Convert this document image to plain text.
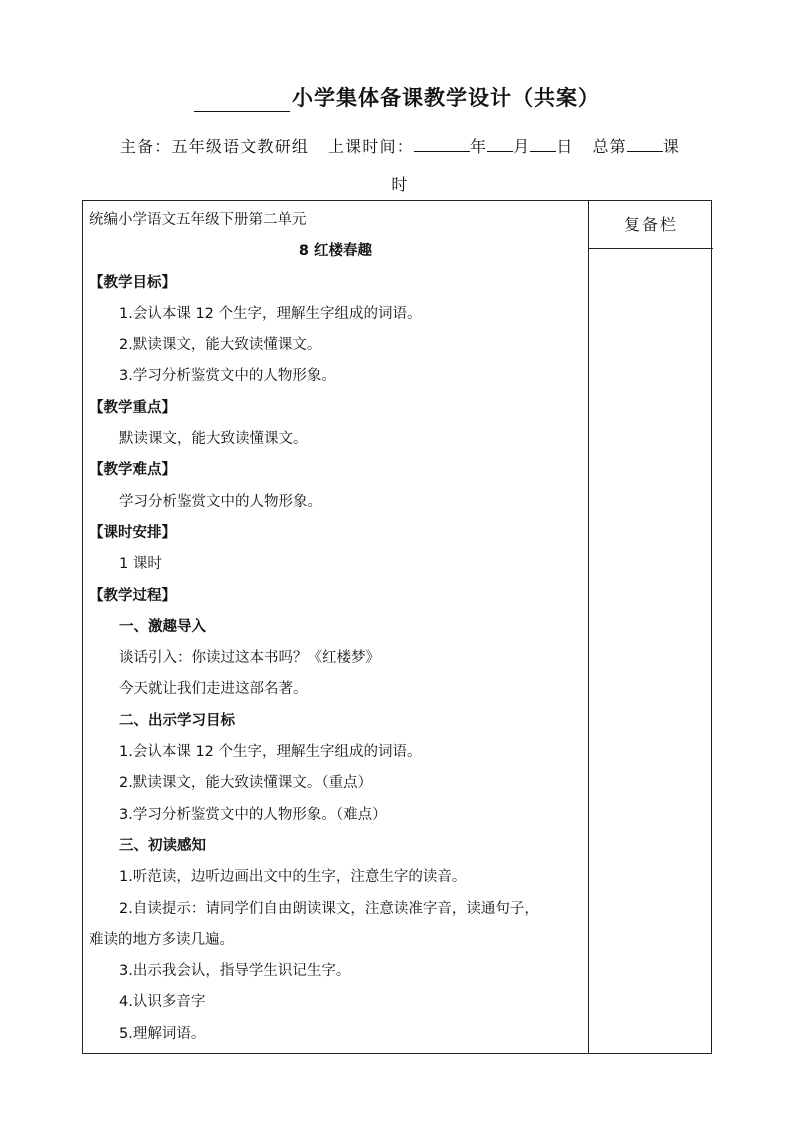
小学集体备课教学设计（共案）
主备：五年级语文教研组 上课时间：	年 月 日 总第 课
时
复备栏
统编小学语文五年级下册第二单元
8 红楼春趣
【教学目标】
1.会认本课 12 个生字，理解生字组成的词语。
2.默读课文，能大致读懂课文。
3.学习分析鉴赏文中的人物形象。
【教学重点】
默读课文，能大致读懂课文。
【教学难点】
学习分析鉴赏文中的人物形象。
【课时安排】
1 课时
【教学过程】
一、激趣导入
谈话引入：你读过这本书吗？《红楼梦》
今天就让我们走进这部名著。
二、出示学习目标
1.会认本课 12 个生字，理解生字组成的词语。
2.默读课文，能大致读懂课文。（重点）
3.学习分析鉴赏文中的人物形象。（难点）
三、初读感知
1.听范读，边听边画出文中的生字，注意生字的读音。
2.自读提示：请同学们自由朗读课文，注意读准字音，读通句子，
难读的地方多读几遍。
3.出示我会认，指导学生识记生字。
4.认识多音字
5.理解词语。
